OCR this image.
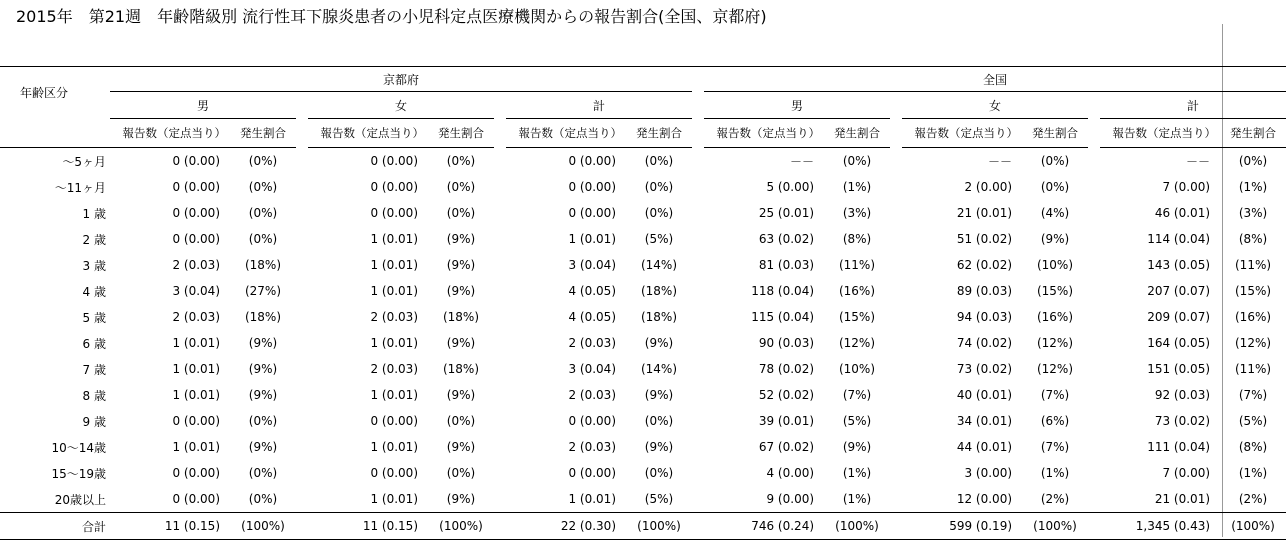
2015年　第21週　年齢階級別 流行性耳下腺炎患者の小児科定点医療機関からの報告割合(全国、京都府)
年齢区分	京都府									全国							
	男			女			計			男			女			計	
	報告数（定点当り）	発生割合		報告数（定点当り）	発生割合		報告数（定点当り）	発生割合		報告数（定点当り）	発生割合		報告数（定点当り）	発生割合		報告数（定点当り）	発生割合
～5ヶ月	0 (0.00)	(0%)		0 (0.00)	(0%)		0 (0.00)	(0%)		－－	(0%)		－－	(0%)		－－	(0%)
～11ヶ月	0 (0.00)	(0%)		0 (0.00)	(0%)		0 (0.00)	(0%)		5 (0.00)	(1%)		2 (0.00)	(0%)		7 (0.00)	(1%)
1 歳	0 (0.00)	(0%)		0 (0.00)	(0%)		0 (0.00)	(0%)		25 (0.01)	(3%)		21 (0.01)	(4%)		46 (0.01)	(3%)
2 歳	0 (0.00)	(0%)		1 (0.01)	(9%)		1 (0.01)	(5%)		63 (0.02)	(8%)		51 (0.02)	(9%)		114 (0.04)	(8%)
3 歳	2 (0.03)	(18%)		1 (0.01)	(9%)		3 (0.04)	(14%)		81 (0.03)	(11%)		62 (0.02)	(10%)		143 (0.05)	(11%)
4 歳	3 (0.04)	(27%)		1 (0.01)	(9%)		4 (0.05)	(18%)		118 (0.04)	(16%)		89 (0.03)	(15%)		207 (0.07)	(15%)
5 歳	2 (0.03)	(18%)		2 (0.03)	(18%)		4 (0.05)	(18%)		115 (0.04)	(15%)		94 (0.03)	(16%)		209 (0.07)	(16%)
6 歳	1 (0.01)	(9%)		1 (0.01)	(9%)		2 (0.03)	(9%)		90 (0.03)	(12%)		74 (0.02)	(12%)		164 (0.05)	(12%)
7 歳	1 (0.01)	(9%)		2 (0.03)	(18%)		3 (0.04)	(14%)		78 (0.02)	(10%)		73 (0.02)	(12%)		151 (0.05)	(11%)
8 歳	1 (0.01)	(9%)		1 (0.01)	(9%)		2 (0.03)	(9%)		52 (0.02)	(7%)		40 (0.01)	(7%)		92 (0.03)	(7%)
9 歳	0 (0.00)	(0%)		0 (0.00)	(0%)		0 (0.00)	(0%)		39 (0.01)	(5%)		34 (0.01)	(6%)		73 (0.02)	(5%)
10～14歳	1 (0.01)	(9%)		1 (0.01)	(9%)		2 (0.03)	(9%)		67 (0.02)	(9%)		44 (0.01)	(7%)		111 (0.04)	(8%)
15～19歳	0 (0.00)	(0%)		0 (0.00)	(0%)		0 (0.00)	(0%)		4 (0.00)	(1%)		3 (0.00)	(1%)		7 (0.00)	(1%)
20歳以上	0 (0.00)	(0%)		1 (0.01)	(9%)		1 (0.01)	(5%)		9 (0.00)	(1%)		12 (0.00)	(2%)		21 (0.01)	(2%)
合計	11 (0.15)	(100%)		11 (0.15)	(100%)		22 (0.30)	(100%)		746 (0.24)	(100%)		599 (0.19)	(100%)		1,345 (0.43)	(100%)
